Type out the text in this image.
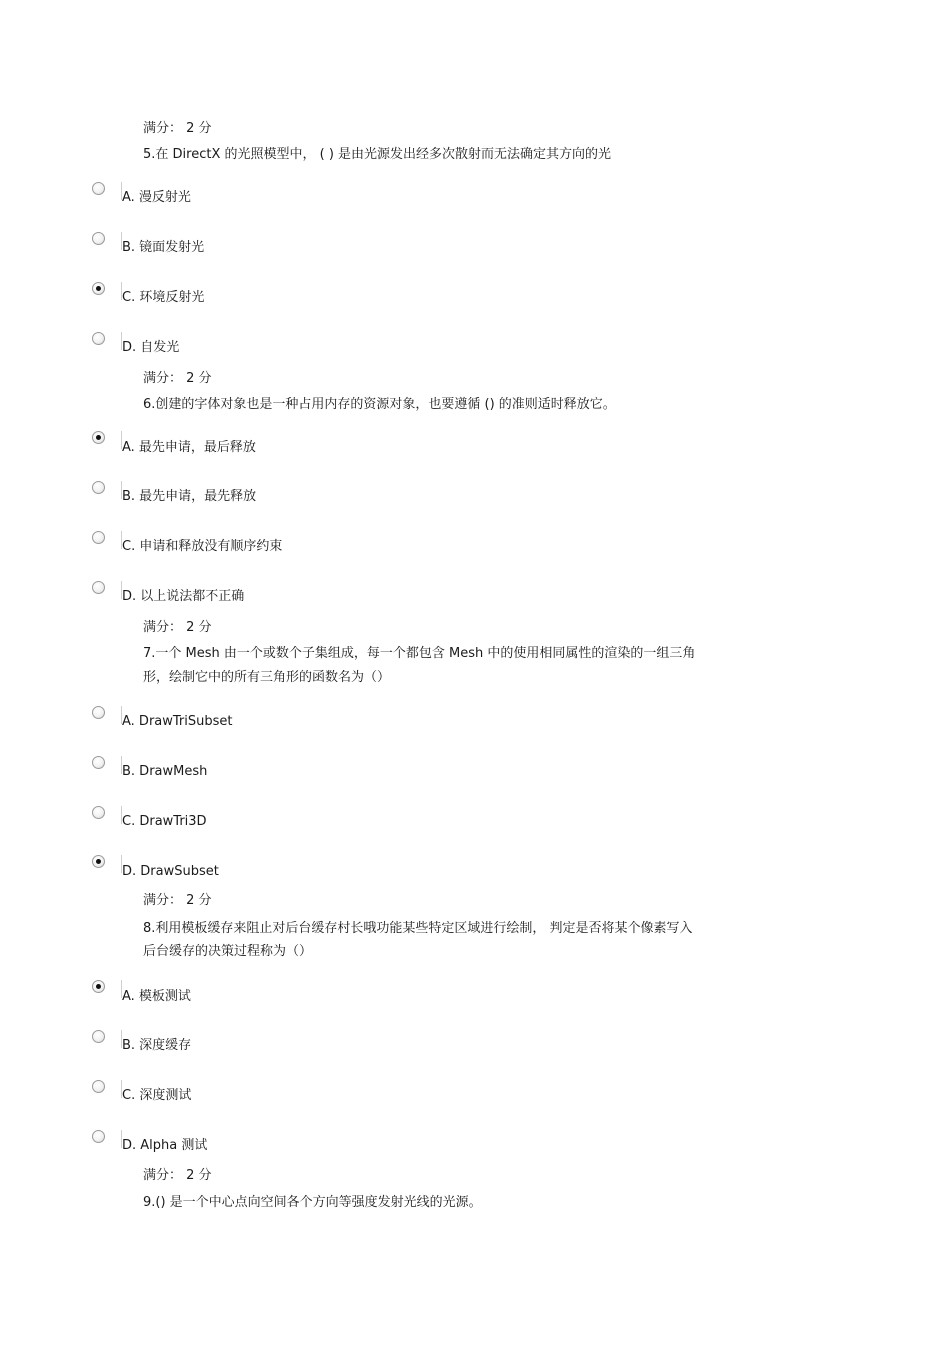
满分： 2 分
5.在 DirectX 的光照模型中， ( ) 是由光源发出经多次散射而无法确定其方向的光
A. 漫反射光
B. 镜面发射光
C. 环境反射光
D. 自发光
满分： 2 分
6.创建的字体对象也是一种占用内存的资源对象，也要遵循 () 的准则适时释放它。
A. 最先申请，最后释放
B. 最先申请，最先释放
C. 申请和释放没有顺序约束
D. 以上说法都不正确
满分： 2 分
7.一个 Mesh 由一个或数个子集组成，每一个都包含 Mesh 中的使用相同属性的渲染的一组三角
形，绘制它中的所有三角形的函数名为（）
A. DrawTriSubset
B. DrawMesh
C. DrawTri3D
D. DrawSubset
满分： 2 分
8.利用模板缓存来阻止对后台缓存村长哦功能某些特定区域进行绘制， 判定是否将某个像素写入
后台缓存的决策过程称为（）
A. 模板测试
B. 深度缓存
C. 深度测试
D. Alpha 测试
满分： 2 分
9.() 是一个中心点向空间各个方向等强度发射光线的光源。
